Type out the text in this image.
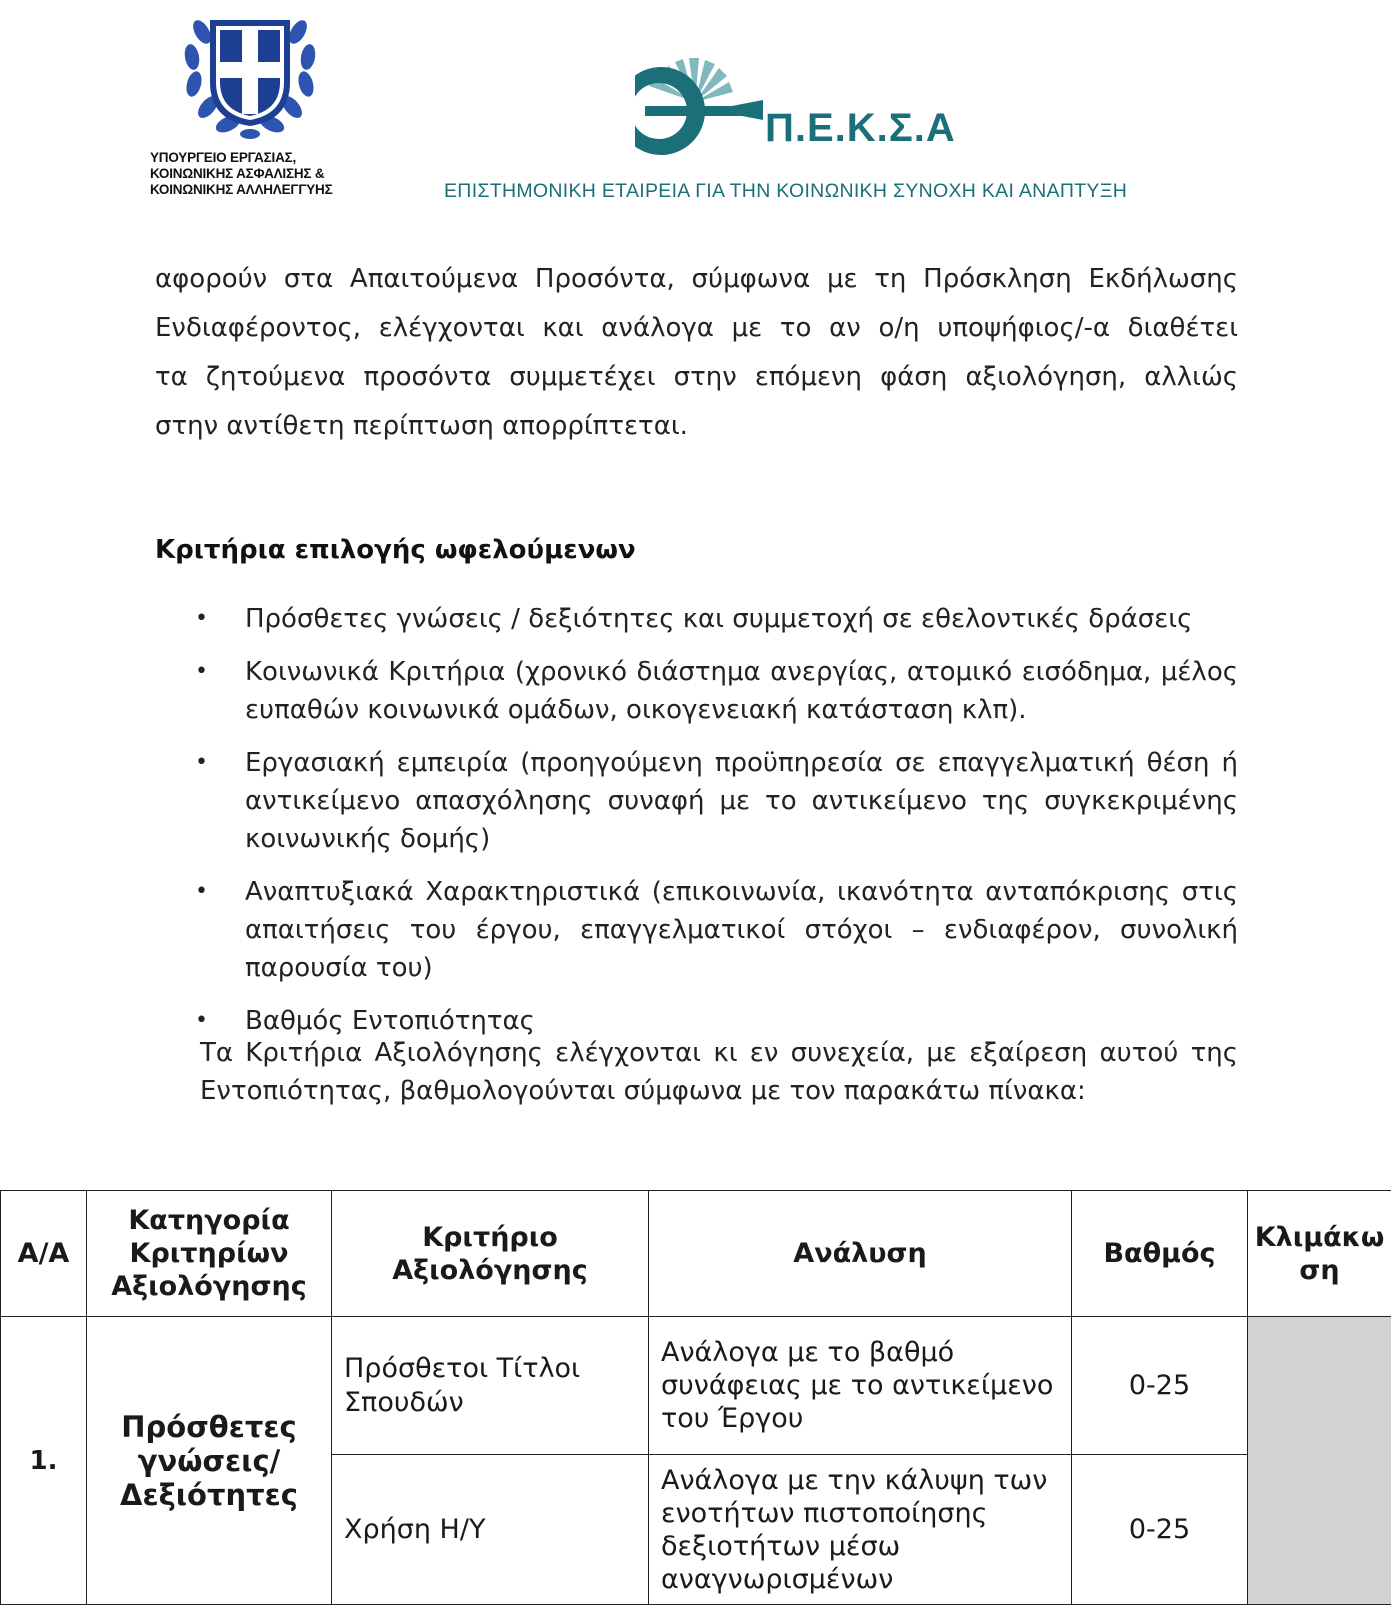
ΥΠΟΥΡΓΕΙΟ ΕΡΓΑΣΙΑΣ,
ΚΟΙΝΩΝΙΚΗΣ ΑΣΦΑΛΙΣΗΣ &
ΚΟΙΝΩΝΙΚΗΣ ΑΛΛΗΛΕΓΓΥΗΣ
Π.Ε.Κ.Σ.Α
ΕΠΙΣΤΗΜΟΝΙΚΗ ΕΤΑΙΡΕΙΑ ΓΙΑ ΤΗΝ ΚΟΙΝΩΝΙΚΗ ΣΥΝΟΧΗ ΚΑΙ ΑΝΑΠΤΥΞΗ

αφορούν στα Απαιτούμενα Προσόντα, σύμφωνα με τη Πρόσκληση Εκδήλωσης

Ενδιαφέροντος, ελέγχονται και ανάλογα με το αν ο/η υποψήφιος/-α διαθέτει

τα ζητούμενα προσόντα συμμετέχει στην επόμενη φάση αξιολόγηση, αλλιώς

στην αντίθετη περίπτωση απορρίπτεται.

Κριτήρια επιλογής ωφελούμενων
• Πρόσθετες γνώσεις / δεξιότητες και συμμετοχή σε εθελοντικές δράσεις
• Κοινωνικά Κριτήρια (χρονικό διάστημα ανεργίας, ατομικό εισόδημα, μέλος ευπαθών κοινωνικά ομάδων, οικογενειακή κατάσταση κλπ).
• Εργασιακή εμπειρία (προηγούμενη προϋπηρεσία σε επαγγελματική θέση ή αντικείμενο απασχόλησης συναφή με το αντικείμενο της συγκεκριμένης κοινωνικής δομής)
• Αναπτυξιακά Χαρακτηριστικά (επικοινωνία, ικανότητα ανταπόκρισης στις απαιτήσεις του έργου, επαγγελματικοί στόχοι – ενδιαφέρον, συνολική παρουσία του)
• Βαθμός Εντοπιότητας
Τα Κριτήρια Αξιολόγησης ελέγχονται κι εν συνεχεία, με εξαίρεση αυτού της Εντοπιότητας, βαθμολογούνται σύμφωνα με τον παρακάτω πίνακα:
Α/Α	Κατηγορία Κριτηρίων Αξιολόγησης	Κριτήριο Αξιολόγησης	Ανάλυση	Βαθμός	Κλιμάκωση
1.	Πρόσθετες γνώσεις/ Δεξιότητες	Πρόσθετοι Τίτλοι Σπουδών	Ανάλογα με το βαθμό συνάφειας με το αντικείμενο του Έργου	0-25	
		Χρήση Η/Υ	Ανάλογα με την κάλυψη των ενοτήτων πιστοποίησης δεξιοτήτων μέσω αναγνωρισμένων	0-25	
